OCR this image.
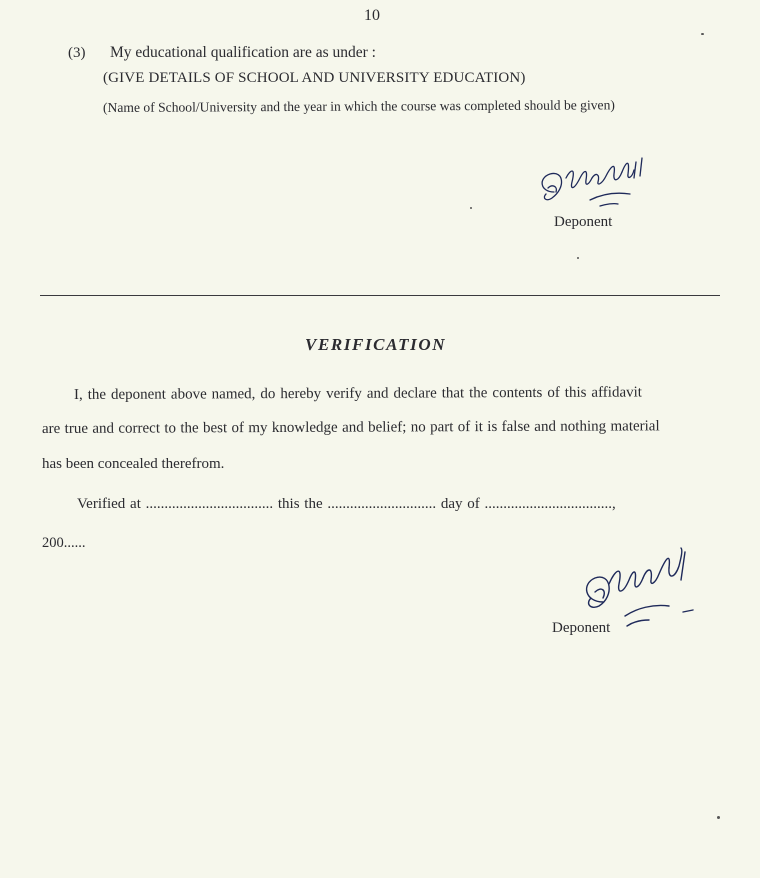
10
(3) My educational qualification are as under :
(GIVE DETAILS OF SCHOOL AND UNIVERSITY EDUCATION)
(Name of School/University and the year in which the course was completed should be given)
Deponent
VERIFICATION
I, the deponent above named, do hereby verify and declare that the contents of this affidavit
are true and correct to the best of my knowledge and belief; no part of it is false and nothing material
has been concealed therefrom.
Verified at .................................. this the ............................. day of ..................................,
200......
Deponent
